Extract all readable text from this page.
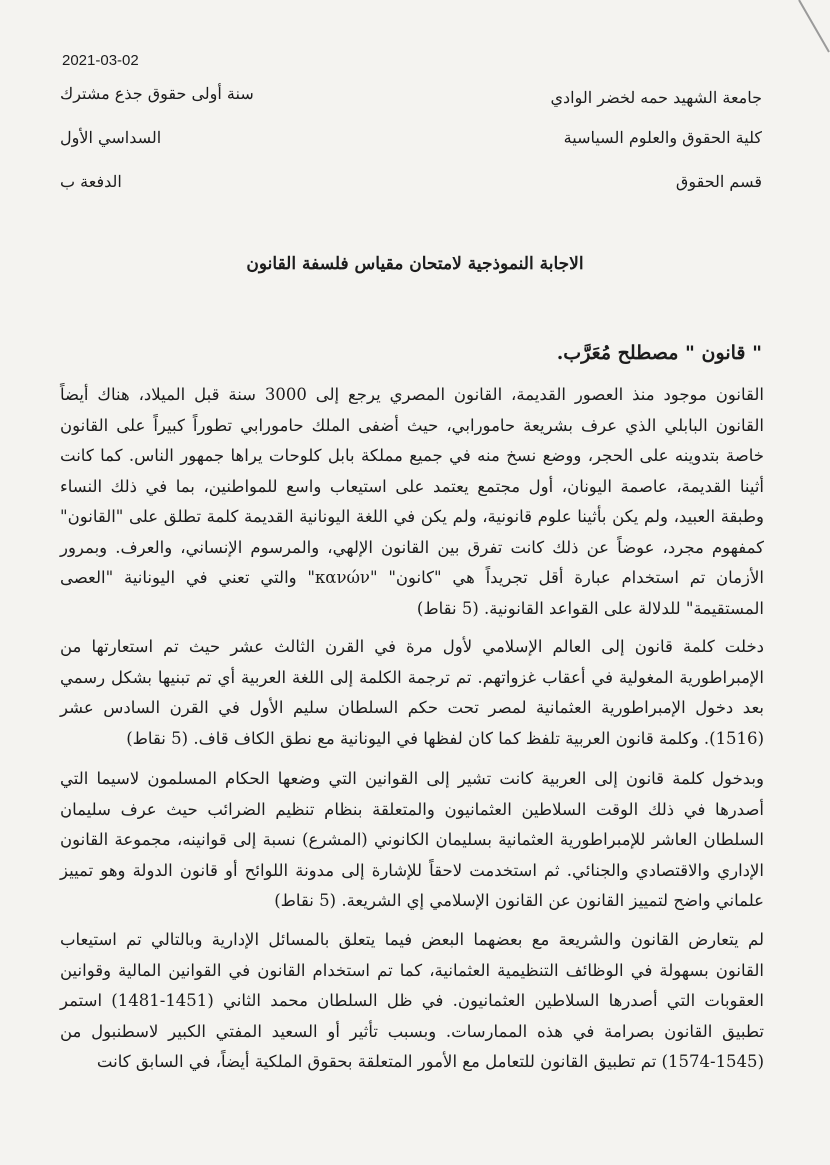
2021-03-02
جامعة الشهيد حمه لخضر الوادي
كلية الحقوق والعلوم السياسية
قسم الحقوق
سنة أولى حقوق جذع مشترك
السداسي الأول
الدفعة ب
الاجابة النموذجية لامتحان مقياس فلسفة القانون
" قانون " مصطلح مُعَرَّب.
القانون موجود منذ العصور القديمة، القانون المصري يرجع إلى 3000 سنة قبل الميلاد، هناك أيضاً القانون البابلي الذي عرف بشريعة حامورابي، حيث أضفى الملك حامورابي تطوراً كبيراً على القانون خاصة بتدوينه على الحجر، ووضع نسخ منه في جميع مملكة بابل كلوحات يراها جمهور الناس. كما كانت أثينا القديمة، عاصمة اليونان، أول مجتمع يعتمد على استيعاب واسع للمواطنين، بما في ذلك النساء وطبقة العبيد، ولم يكن بأثينا علوم قانونية، ولم يكن في اللغة اليونانية القديمة كلمة تطلق على "القانون" كمفهوم مجرد، عوضاً عن ذلك كانت تفرق بين القانون الإلهي، والمرسوم الإنساني، والعرف. وبمرور الأزمان تم استخدام عبارة أقل تجريداً هي "كانون" "κανών" والتي تعني في اليونانية "العصى المستقيمة" للدلالة على القواعد القانونية. (5 نقاط)
دخلت كلمة قانون إلى العالم الإسلامي لأول مرة في القرن الثالث عشر حيث تم استعارتها من الإمبراطورية المغولية في أعقاب غزواتهم. تم ترجمة الكلمة إلى اللغة العربية أي تم تبنيها بشكل رسمي بعد دخول الإمبراطورية العثمانية لمصر تحت حكم السلطان سليم الأول في القرن السادس عشر (1516). وكلمة قانون العربية تلفظ كما كان لفظها في اليونانية مع نطق الكاف قاف. (5 نقاط)
وبدخول كلمة قانون إلى العربية كانت تشير إلى القوانين التي وضعها الحكام المسلمون لاسيما التي أصدرها في ذلك الوقت السلاطين العثمانيون والمتعلقة بنظام تنظيم الضرائب حيث عرف سليمان السلطان العاشر للإمبراطورية العثمانية بسليمان الكانوني (المشرع) نسبة إلى قوانينه، مجموعة القانون الإداري والاقتصادي والجنائي. ثم استخدمت لاحقاً للإشارة إلى مدونة اللوائح أو قانون الدولة وهو تمييز علماني واضح لتمييز القانون عن القانون الإسلامي إي الشريعة. (5 نقاط)
لم يتعارض القانون والشريعة مع بعضهما البعض فيما يتعلق بالمسائل الإدارية وبالتالي تم استيعاب القانون بسهولة في الوظائف التنظيمية العثمانية، كما تم استخدام القانون في القوانين المالية وقوانين العقوبات التي أصدرها السلاطين العثمانيون. في ظل السلطان محمد الثاني (1451-1481) استمر تطبيق القانون بصرامة في هذه الممارسات. وبسبب تأثير أو السعيد المفتي الكبير لاسطنبول من (1545-1574) تم تطبيق القانون للتعامل مع الأمور المتعلقة بحقوق الملكية أيضاً، في السابق كانت
